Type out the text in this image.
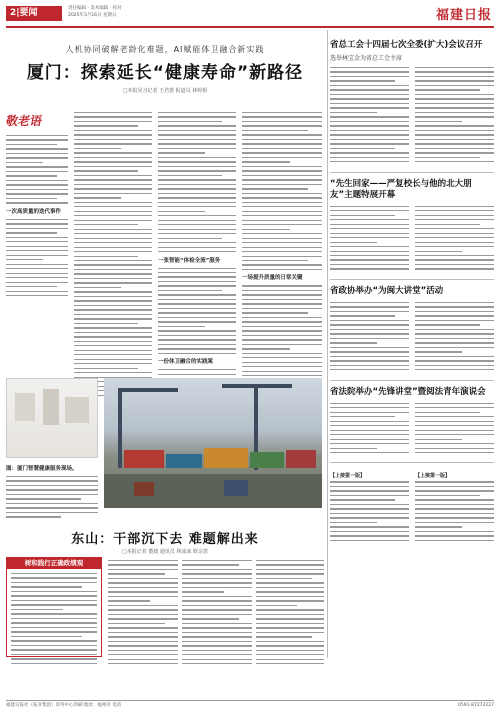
2|要闻	责任编辑 · 美术编辑 · 校对
2025年3月16日 星期日	福建日报
人机协同破解老龄化难题，AI赋能体卫融合新实践
厦门：探索延长“健康寿命”新路径
□本报见习记者 王君蕾 报道员 林婷姐
敬老语
一次高质量的迭代事件
一张智能“体检全流”服务
一份体卫融合的实践案
一场提升质量的日常关键
图：厦门智慧健康服务现场。
东山：干部沉下去 难题解出来
□本报记者 董婕 通讯员 林冰冰 欧宗恩
树和践行正确政绩观
省总工会十四届七次全委(扩大)会议召开
选举林宝金为省总工会主席
“先生回家——严复校长与他的北大朋友”主题特展开幕
省政协举办“为闽大讲堂”活动
省法院举办“先锋讲堂”暨阅法青年演说会
【上接第一版】	【上接第一版】
福建日报社（报业集团）印务中心印刷 地址：福州市 电话	0591-87272227
